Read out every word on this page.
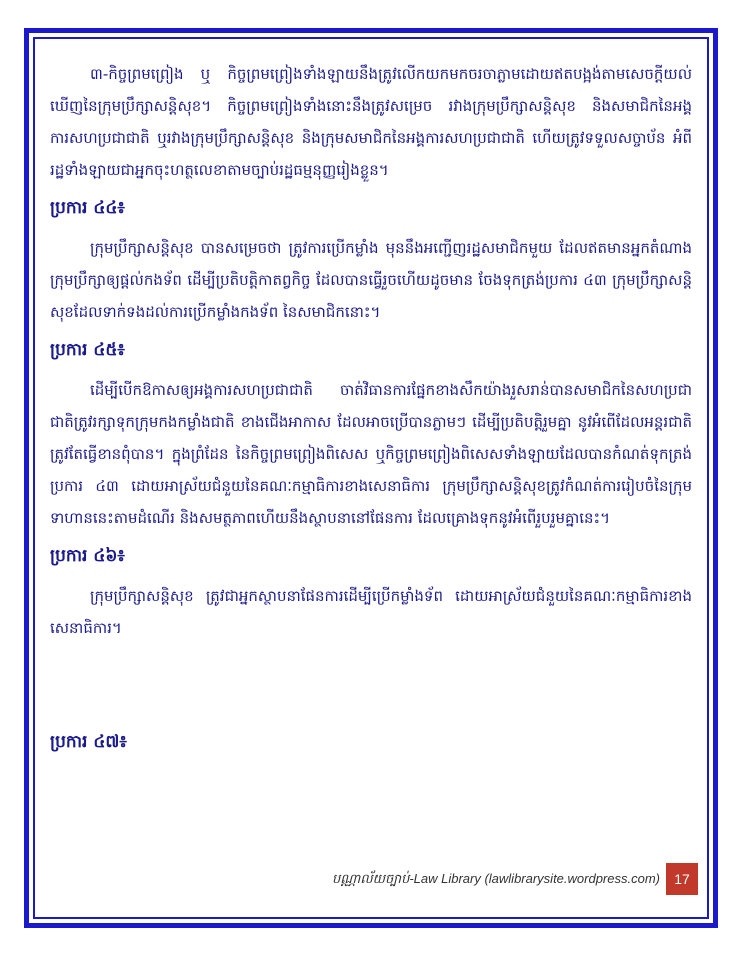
៣-កិច្ចព្រមព្រៀង ឬ កិច្ចព្រមព្រៀងទាំងឡាយនឹងត្រូវលើកយកមកចរចាភ្លាមដោយឥតបង្អង់តាមសេចក្តីយល់ឃើញនៃក្រុមប្រឹក្សាសន្តិសុខ។ កិច្ចព្រមព្រៀងទាំងនោះនឹងត្រូវសម្រេច រវាងក្រុមប្រឹក្សាសន្តិសុខ និងសមាជិកនៃអង្គការសហប្រជាជាតិ ឬរវាងក្រុមប្រឹក្សាសន្តិសុខ និងក្រុមសមាជិកនៃអង្គការសហប្រជាជាតិ ហើយត្រូវទទួលសច្ចាប័ន អំពីរដ្ឋទាំងឡាយជាអ្នកចុះហត្ថលេខាតាមច្បាប់រដ្ឋធម្មនុញ្ញរៀងខ្លួន។

ប្រការ ៤៤៖

ក្រុមប្រឹក្សាសន្តិសុខ បានសម្រេចថា ត្រូវការប្រើកម្លាំង មុននឹងអញ្ជើញរដ្ឋសមាជិកមួយ ដែលឥតមានអ្នកតំណាងក្រុមប្រឹក្សាឲ្យផ្តល់កងទ័ព ដើម្បីប្រតិបត្តិកាតព្វកិច្ច ដែលបានធ្វើរួចហើយដូចមាន ចែងទុកត្រង់ប្រការ ៤៣ ក្រុមប្រឹក្សាសន្តិសុខដែលទាក់ទងដល់ការប្រើកម្លាំងកងទ័ព នៃសមាជិកនោះ។

ប្រការ ៤៥៖

ដើម្បីបើកឱកាសឲ្យអង្គការសហប្រជាជាតិ ចាត់វិធានការផ្នែកខាងសឹកយ៉ាងរួសរាន់បានសមាជិកនៃសហប្រជាជាតិត្រូវរក្សាទុកក្រុមកងកម្លាំងជាតិ ខាងជើងអាកាស ដែលអាចប្រើបានភ្លាមៗ ដើម្បីប្រតិបត្តិរួមគ្នា នូវអំពើដែលអន្តរជាតិត្រូវតែធ្វើខានពុំបាន។ ក្នុងព្រំដែន នៃកិច្ចព្រមព្រៀងពិសេស ឬកិច្ចព្រមព្រៀងពិសេសទាំងឡាយដែលបានកំណត់ទុកត្រង់ប្រការ ៤៣ ដោយអាស្រ័យជំនួយនៃគណៈកម្មាធិការខាងសេនាធិការ ក្រុមប្រឹក្សាសន្តិសុខត្រូវកំណត់ការរៀបចំនៃក្រុមទាហាននេះតាមដំណើរ និងសមត្ថភាពហើយនឹងស្ថាបនានៅផែនការ ដែលគ្រោងទុកនូវអំពើរួបរួមគ្នានេះ។

ប្រការ ៤៦៖

ក្រុមប្រឹក្សាសន្តិសុខ ត្រូវជាអ្នកស្ថាបនាផែនការដើម្បីប្រើកម្លាំងទ័ព ដោយអាស្រ័យជំនួយនៃគណៈកម្មាធិការខាងសេនាធិការ។

ប្រការ ៤៧៖
បណ្ណាល័យច្បាប់-Law Library (lawlibrarysite.wordpress.com)	17
